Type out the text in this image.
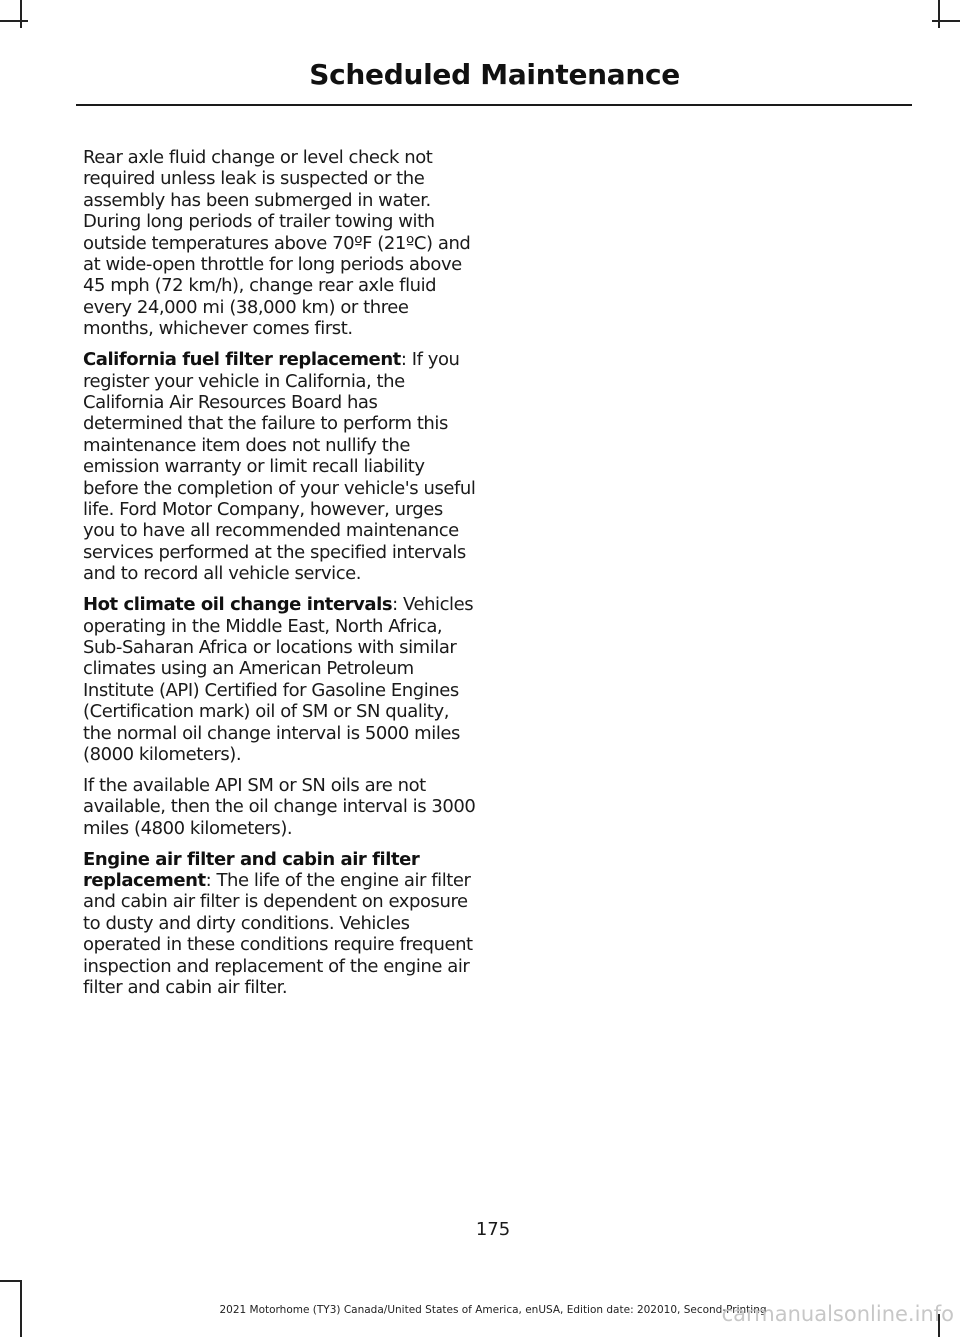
Scheduled Maintenance

Rear axle fluid change or level check not required unless leak is suspected or the assembly has been submerged in water. During long periods of trailer towing with outside temperatures above 70ºF (21ºC) and at wide-open throttle for long periods above 45 mph (72 km/h), change rear axle fluid every 24,000 mi (38,000 km) or three months, whichever comes first.

California fuel filter replacement: If you register your vehicle in California, the California Air Resources Board has determined that the failure to perform this maintenance item does not nullify the emission warranty or limit recall liability before the completion of your vehicle's useful life. Ford Motor Company, however, urges you to have all recommended maintenance services performed at the specified intervals and to record all vehicle service.

Hot climate oil change intervals: Vehicles operating in the Middle East, North Africa, Sub-Saharan Africa or locations with similar climates using an American Petroleum Institute (API) Certified for Gasoline Engines (Certification mark) oil of SM or SN quality, the normal oil change interval is 5000 miles (8000 kilometers).

If the available API SM or SN oils are not available, then the oil change interval is 3000 miles (4800 kilometers).

Engine air filter and cabin air filter replacement: The life of the engine air filter and cabin air filter is dependent on exposure to dusty and dirty conditions. Vehicles operated in these conditions require frequent inspection and replacement of the engine air filter and cabin air filter.

175
2021 Motorhome (TY3) Canada/United States of America, enUSA, Edition date: 202010, Second-Printing
carmanualsonline.info
